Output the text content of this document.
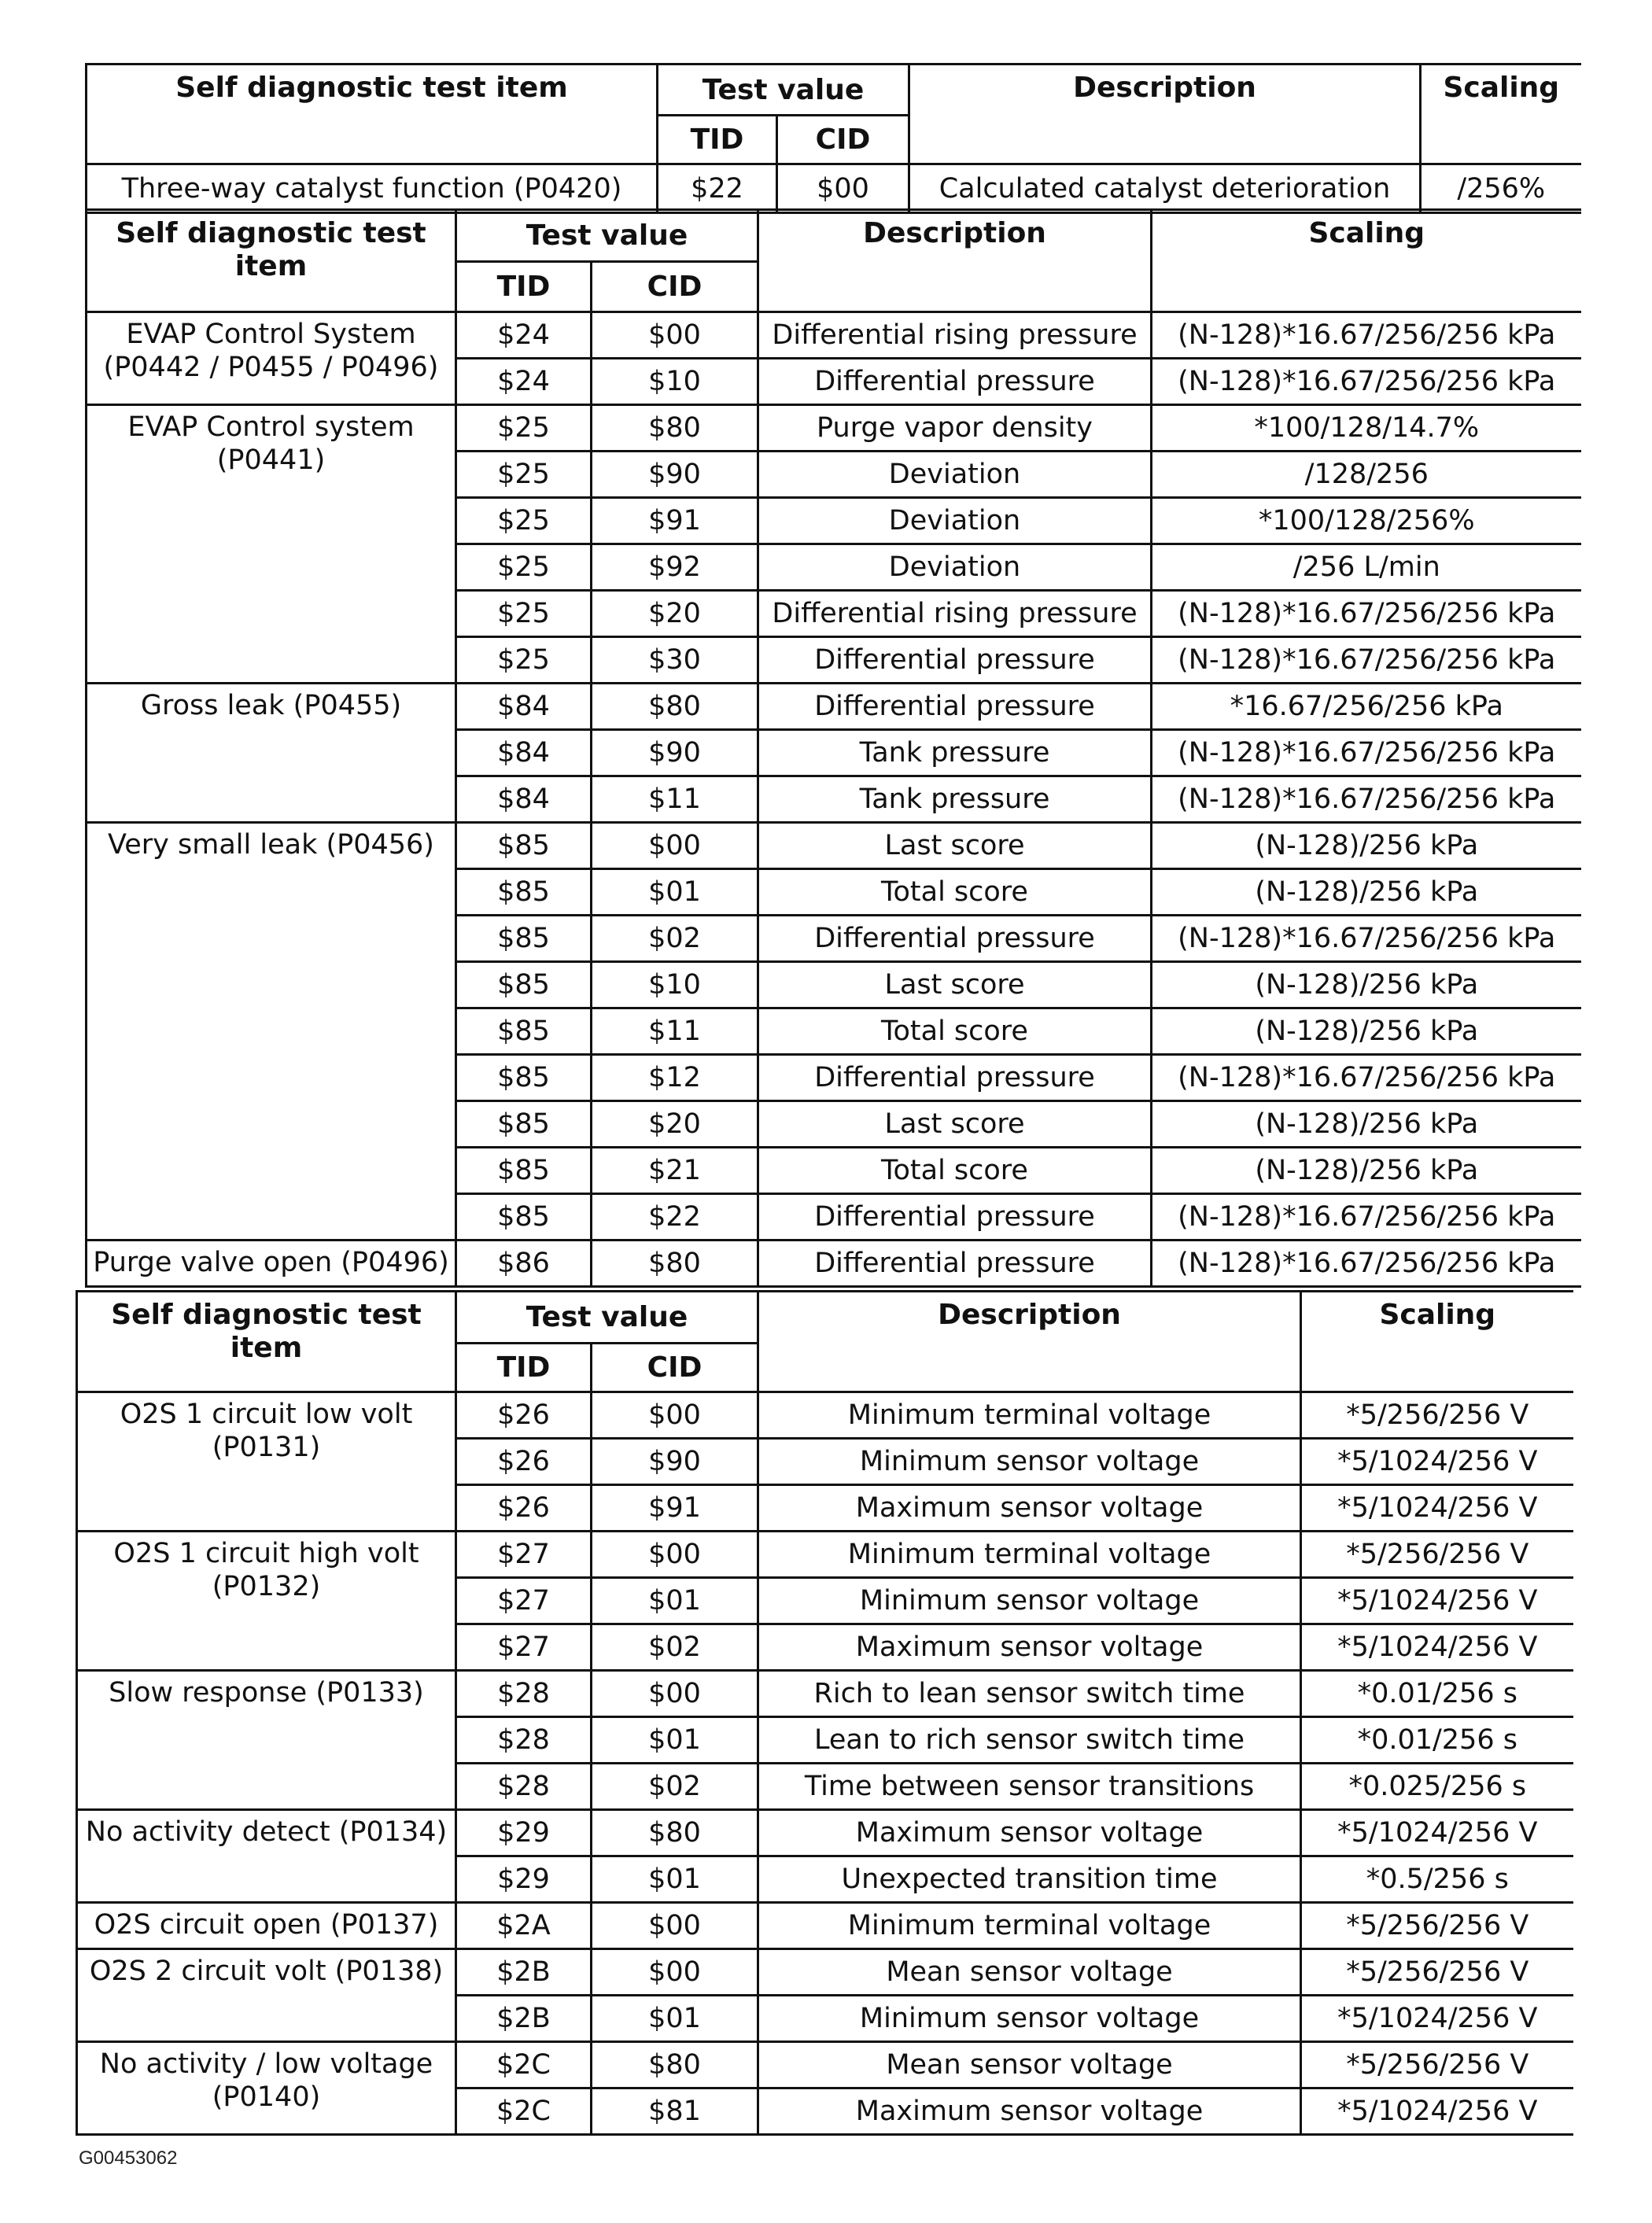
Self diagnostic test item	Test value		Description	Scaling
	TID	CID		
Three-way catalyst function (P0420)	$22	$00	Calculated catalyst deterioration	/256%
Self diagnostic test item	Test value		Description	Scaling
	TID	CID		
EVAP Control System (P0442 / P0455 / P0496)	$24	$00	Differential rising pressure	(N-128)*16.67/256/256 kPa
	$24	$10	Differential pressure	(N-128)*16.67/256/256 kPa
EVAP Control system (P0441)	$25	$80	Purge vapor density	*100/128/14.7%
	$25	$90	Deviation	/128/256
	$25	$91	Deviation	*100/128/256%
	$25	$92	Deviation	/256 L/min
	$25	$20	Differential rising pressure	(N-128)*16.67/256/256 kPa
	$25	$30	Differential pressure	(N-128)*16.67/256/256 kPa
Gross leak (P0455)	$84	$80	Differential pressure	*16.67/256/256 kPa
	$84	$90	Tank pressure	(N-128)*16.67/256/256 kPa
	$84	$11	Tank pressure	(N-128)*16.67/256/256 kPa
Very small leak (P0456)	$85	$00	Last score	(N-128)/256 kPa
	$85	$01	Total score	(N-128)/256 kPa
	$85	$02	Differential pressure	(N-128)*16.67/256/256 kPa
	$85	$10	Last score	(N-128)/256 kPa
	$85	$11	Total score	(N-128)/256 kPa
	$85	$12	Differential pressure	(N-128)*16.67/256/256 kPa
	$85	$20	Last score	(N-128)/256 kPa
	$85	$21	Total score	(N-128)/256 kPa
	$85	$22	Differential pressure	(N-128)*16.67/256/256 kPa
Purge valve open (P0496)	$86	$80	Differential pressure	(N-128)*16.67/256/256 kPa
Self diagnostic test item	Test value		Description	Scaling
	TID	CID		
O2S 1 circuit low volt (P0131)	$26	$00	Minimum terminal voltage	*5/256/256 V
	$26	$90	Minimum sensor voltage	*5/1024/256 V
	$26	$91	Maximum sensor voltage	*5/1024/256 V
O2S 1 circuit high volt (P0132)	$27	$00	Minimum terminal voltage	*5/256/256 V
	$27	$01	Minimum sensor voltage	*5/1024/256 V
	$27	$02	Maximum sensor voltage	*5/1024/256 V
Slow response (P0133)	$28	$00	Rich to lean sensor switch time	*0.01/256 s
	$28	$01	Lean to rich sensor switch time	*0.01/256 s
	$28	$02	Time between sensor transitions	*0.025/256 s
No activity detect (P0134)	$29	$80	Maximum sensor voltage	*5/1024/256 V
	$29	$01	Unexpected transition time	*0.5/256 s
O2S circuit open (P0137)	$2A	$00	Minimum terminal voltage	*5/256/256 V
O2S 2 circuit volt (P0138)	$2B	$00	Mean sensor voltage	*5/256/256 V
	$2B	$01	Minimum sensor voltage	*5/1024/256 V
No activity / low voltage (P0140)	$2C	$80	Mean sensor voltage	*5/256/256 V
	$2C	$81	Maximum sensor voltage	*5/1024/256 V
G00453062
